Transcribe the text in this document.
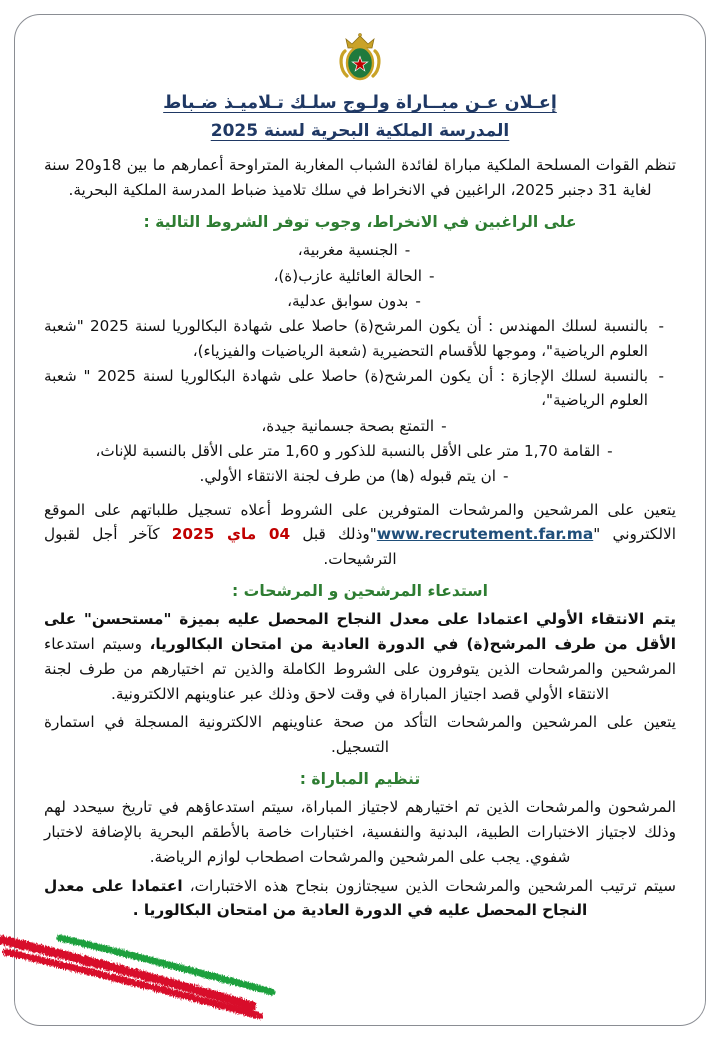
إعـلان عـن مبــاراة ولـوج سلـك تـلاميـذ ضـباط
المدرسة الملكية البحرية لسنة 2025

تنظم القوات المسلحة الملكية مباراة لفائدة الشباب المغاربة المتراوحة أعمارهم ما بين 18و20 سنة لغاية 31 دجنبر 2025، الراغبين في الانخراط في سلك تلاميذ ضباط المدرسة الملكية البحرية.

على الراغبين في الانخراط، وجوب توفر الشروط التالية :
-الجنسية مغربية،
-الحالة العائلية عازب(ة)،
-بدون سوابق عدلية،
-
بالنسبة لسلك المهندس : أن يكون المرشح(ة) حاصلا على شهادة البكالوريا لسنة 2025 "شعبة العلوم الرياضية"، وموجها للأقسام التحضيرية (شعبة الرياضيات والفيزياء)،
-
بالنسبة لسلك الإجازة : أن يكون المرشح(ة) حاصلا على شهادة البكالوريا لسنة 2025 " شعبة العلوم الرياضية"،
-التمتع بصحة جسمانية جيدة،
-القامة 1,70 متر على الأقل بالنسبة للذكور و 1,60 متر على الأقل بالنسبة للإناث،
-ان يتم قبوله (ها) من طرف لجنة الانتقاء الأولي.

يتعين على المرشحين والمرشحات المتوفرين على الشروط أعلاه تسجيل طلباتهم على الموقع الالكتروني "www.recrutement.far.ma"وذلك قبل 04 ماي 2025 كآخر أجل لقبول الترشيحات.

استدعاء المرشحين و المرشحات :

يتم الانتقاء الأولي اعتمادا على معدل النجاح المحصل عليه بميزة "مستحسن" على الأقل من طرف المرشح(ة) في الدورة العادية من امتحان البكالوريا، وسيتم استدعاء المرشحين والمرشحات الذين يتوفرون على الشروط الكاملة والذين تم اختيارهم من طرف لجنة الانتقاء الأولي قصد اجتياز المباراة في وقت لاحق وذلك عبر عناوينهم الالكترونية.

يتعين على المرشحين والمرشحات التأكد من صحة عناوينهم الالكترونية المسجلة في استمارة التسجيل.

تنظيم المباراة :

المرشحون والمرشحات الذين تم اختيارهم لاجتياز المباراة، سيتم استدعاؤهم في تاريخ سيحدد لهم وذلك لاجتياز الاختبارات الطبية، البدنية والنفسية، اختبارات خاصة بالأطقم البحرية بالإضافة لاختبار شفوي. يجب على المرشحين والمرشحات اصطحاب لوازم الرياضة.

سيتم ترتيب المرشحين والمرشحات الذين سيجتازون بنجاح هذه الاختبارات، اعتمادا على معدل النجاح المحصل عليه في الدورة العادية من امتحان البكالوريا .
